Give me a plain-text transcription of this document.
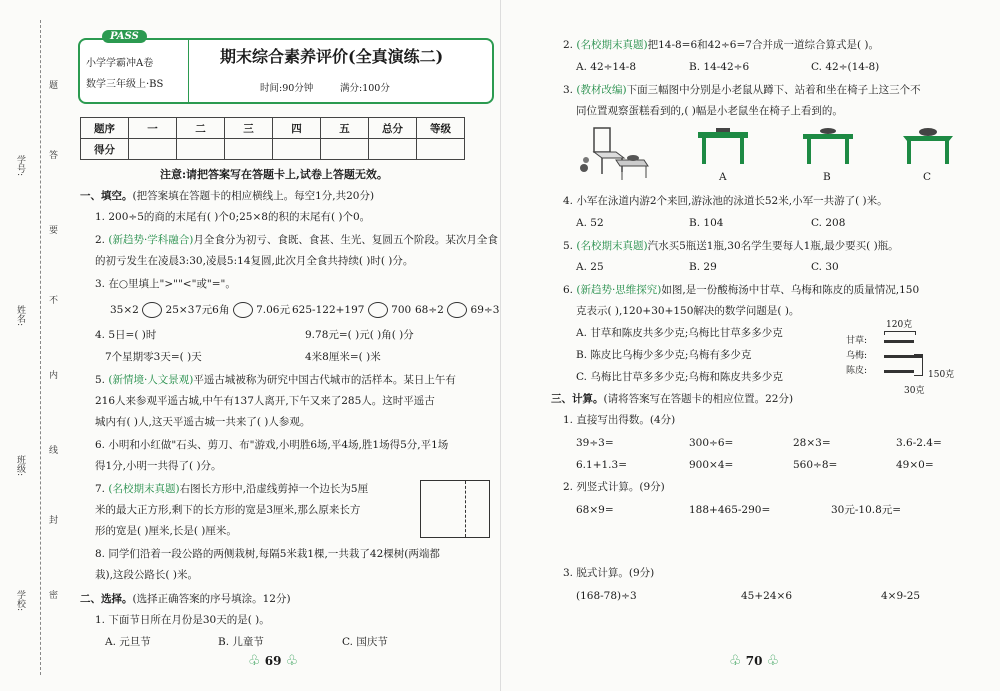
学号:
姓名:
班级:
学校:
题
答
要
不
内
线
封
密
PASS
小学学霸冲A卷
数学三年级上·BS
期末综合素养评价(全真演练二)
时间:90分钟	满分:100分
题序	一	二	三	四	五	总分	等级
得分							
注意:请把答案写在答题卡上,试卷上答题无效。
一、填空。(把答案填在答题卡的相应横线上。每空1分,共20分)
1. 200÷5的商的末尾有( )个0;25×8的积的末尾有( )个0。
2. (新趋势·学科融合)月全食分为初亏、食既、食甚、生光、复圆五个阶段。某次月全食
的初亏发生在凌晨3:30,凌晨5:14复圆,此次月全食共持续( )时( )分。
3. 在○里填上">""<"或"="。
35×2	25×3 7元6角	7.06元 625-122+197	700 68÷2	69÷3
4. 5日=( )时	9.78元=( )元( )角( )分
7个星期零3天=( )天	4米8厘米=( )米
5. (新情境·人文景观)平遥古城被称为研究中国古代城市的活样本。某日上午有
216人来参观平遥古城,中午有137人离开,下午又来了285人。这时平遥古
城内有( )人,这天平遥古城一共来了( )人参观。
6. 小明和小红做"石头、剪刀、布"游戏,小明胜6场,平4场,胜1场得5分,平1场
得1分,小明一共得了( )分。
7. (名校期末真题)右图长方形中,沿虚线剪掉一个边长为5厘
米的最大正方形,剩下的长方形的宽是3厘米,那么原来长方
形的宽是( )厘米,长是( )厘米。
8. 同学们沿着一段公路的两侧栽树,每隔5米栽1棵,一共栽了42棵树(两端都
栽),这段公路长( )米。
二、选择。(选择正确答案的序号填涂。12分)
1. 下面节日所在月份是30天的是( )。
A. 元旦节	B. 儿童节	C. 国庆节
♧ 69 ♧
2. (名校期末真题)把14-8=6和42÷6=7合并成一道综合算式是( )。
A. 42÷14-8	B. 14-42÷6	C. 42÷(14-8)
3. (教材改编)下面三幅图中分别是小老鼠从蹲下、站着和坐在椅子上这三个不
同位置观察蛋糕看到的,( )幅是小老鼠坐在椅子上看到的。
A	B	C
4. 小军在泳道内游2个来回,游泳池的泳道长52米,小军一共游了( )米。
A. 52	B. 104	C. 208
5. (名校期末真题)汽水买5瓶送1瓶,30名学生要每人1瓶,最少要买( )瓶。
A. 25	B. 29	C. 30
6. (新趋势·思维探究)如图,是一份酸梅汤中甘草、乌梅和陈皮的质量情况,150
克表示( ),120+30+150解决的数学问题是( )。
A. 甘草和陈皮共多少克;乌梅比甘草多多少克
B. 陈皮比乌梅少多少克;乌梅有多少克
C. 乌梅比甘草多多少克;乌梅和陈皮共多少克
120克
甘草:
乌梅:
陈皮:	150克
30克
三、计算。(请将答案写在答题卡的相应位置。22分)
1. 直接写出得数。(4分)
39÷3=	300÷6=	28×3=	3.6-2.4=
6.1+1.3=	900×4=	560÷8=	49×0=
2. 列竖式计算。(9分)
68×9=	188+465-290=	30元-10.8元=
3. 脱式计算。(9分)
(168-78)÷3	45+24×6	4×9-25
♧ 70 ♧
